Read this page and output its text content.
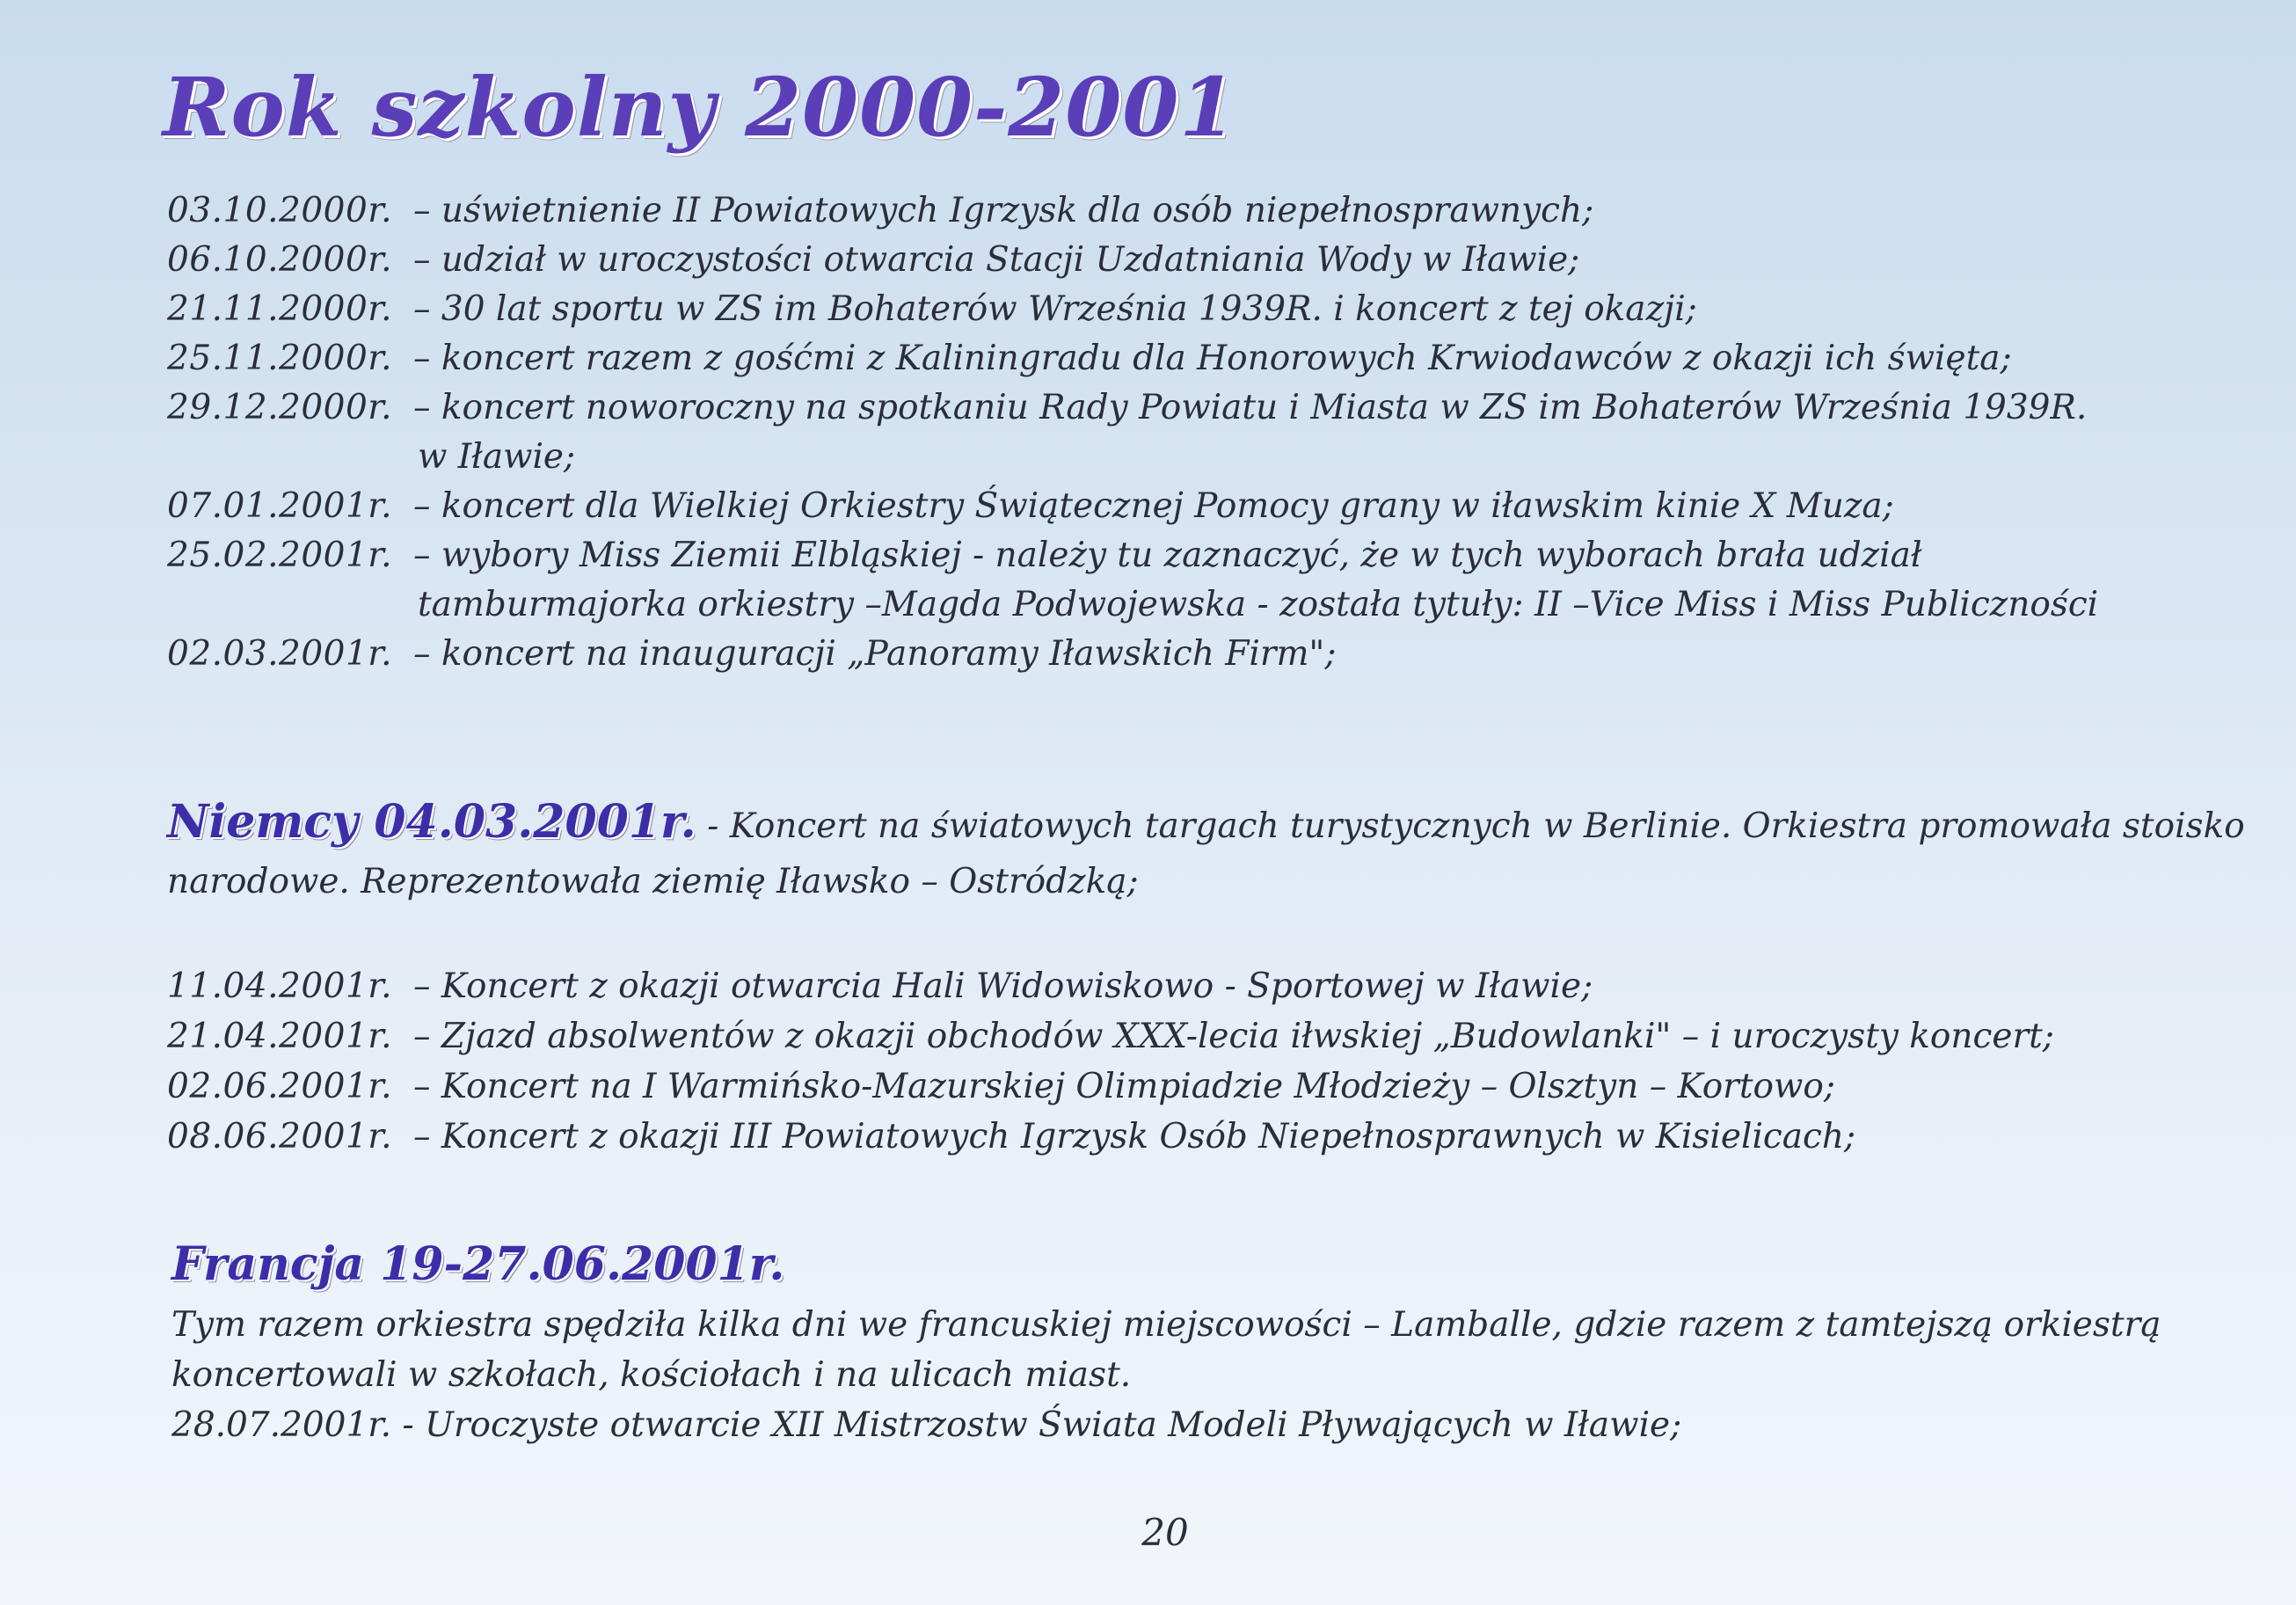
Rok szkolny 2000-2001
03.10.2000r. – uświetnienie II Powiatowych Igrzysk dla osób niepełnosprawnych;
06.10.2000r. – udział w uroczystości otwarcia Stacji Uzdatniania Wody w Iławie;
21.11.2000r. – 30 lat sportu w ZS im Bohaterów Września 1939R. i koncert z tej okazji;
25.11.2000r. – koncert razem z gośćmi z Kaliningradu dla Honorowych Krwiodawców z okazji ich święta;
29.12.2000r. – koncert noworoczny na spotkaniu Rady Powiatu i Miasta w ZS im Bohaterów Września 1939R.
w Iławie;
07.01.2001r. – koncert dla Wielkiej Orkiestry Świątecznej Pomocy grany w iławskim kinie X Muza;
25.02.2001r. – wybory Miss Ziemii Elbląskiej - należy tu zaznaczyć, że w tych wyborach brała udział
tamburmajorka orkiestry –Magda Podwojewska - została tytuły: II –Vice Miss i Miss Publiczności
02.03.2001r. – koncert na inauguracji „Panoramy Iławskich Firm";
Niemcy 04.03.2001r. - Koncert na światowych targach turystycznych w Berlinie. Orkiestra promowała stoisko
narodowe. Reprezentowała ziemię Iławsko – Ostródzką;
11.04.2001r. – Koncert z okazji otwarcia Hali Widowiskowo - Sportowej w Iławie;
21.04.2001r. – Zjazd absolwentów z okazji obchodów XXX-lecia iłwskiej „Budowlanki" – i uroczysty koncert;
02.06.2001r. – Koncert na I Warmińsko-Mazurskiej Olimpiadzie Młodzieży – Olsztyn – Kortowo;
08.06.2001r. – Koncert z okazji III Powiatowych Igrzysk Osób Niepełnosprawnych w Kisielicach;
Francja 19-27.06.2001r.
Tym razem orkiestra spędziła kilka dni we francuskiej miejscowości – Lamballe, gdzie razem z tamtejszą orkiestrą
koncertowali w szkołach, kościołach i na ulicach miast.
28.07.2001r. - Uroczyste otwarcie XII Mistrzostw Świata Modeli Pływających w Iławie;
20
